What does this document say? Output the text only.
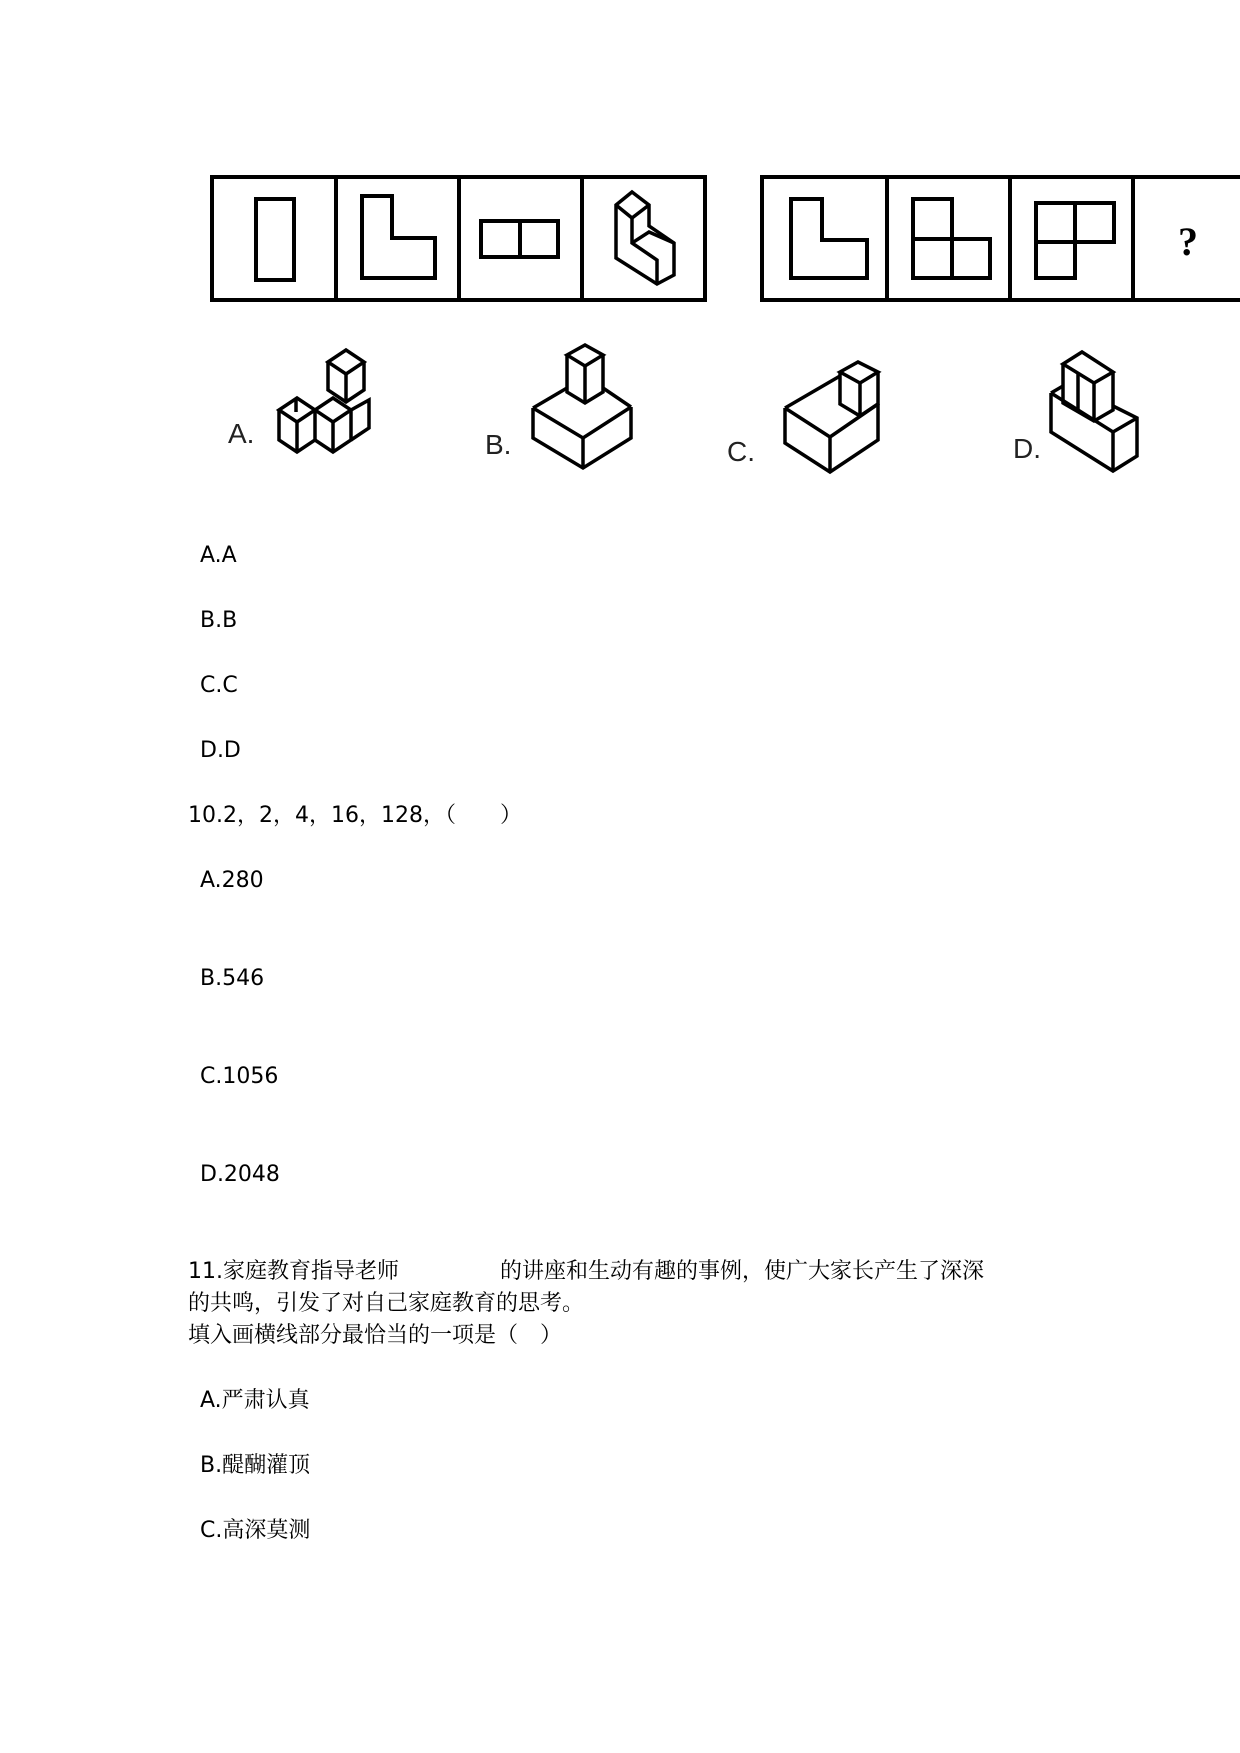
?
A.	B.	C.	D.
A.A
B.B
C.C
D.D
10.2，2，4，16，128，（　　）
A.280
B.546
C.1056
D.2048
11.家庭教育指导老师	的讲座和生动有趣的事例，使广大家长产生了深深
的共鸣，引发了对自己家庭教育的思考。
填入画横线部分最恰当的一项是（　）
A.严肃认真
B.醍醐灌顶
C.高深莫测
